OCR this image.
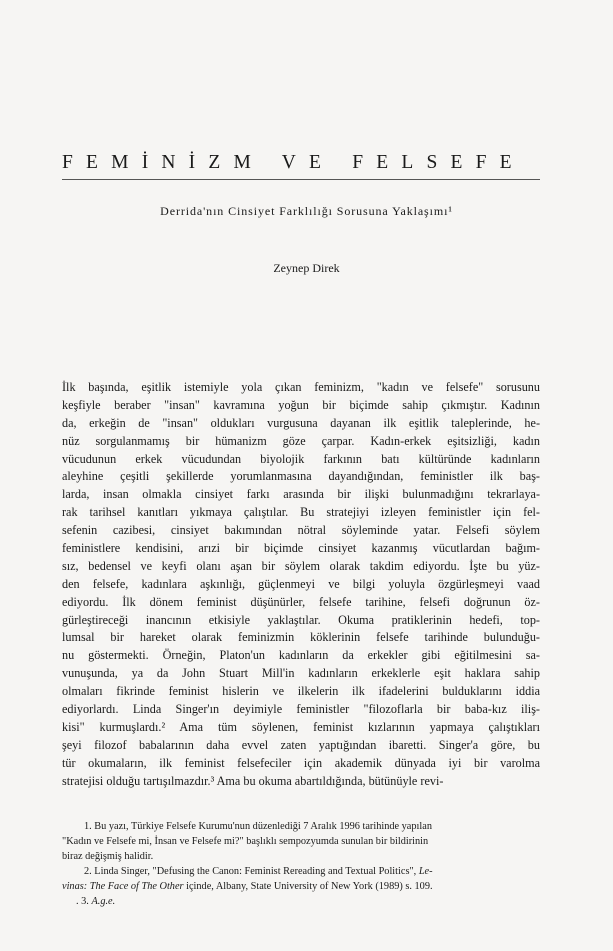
FEMİNİZM VE FELSEFE
Derrida'nın Cinsiyet Farklılığı Sorusuna Yaklaşımı¹
Zeynep Direk
İlk başında, eşitlik istemiyle yola çıkan feminizm, "kadın ve felsefe" sorusunu
keşfiyle beraber "insan" kavramına yoğun bir biçimde sahip çıkmıştır. Kadının
da, erkeğin de "insan" oldukları vurgusuna dayanan ilk eşitlik taleplerinde, he-
nüz sorgulanmamış bir hümanizm göze çarpar. Kadın-erkek eşitsizliği, kadın
vücudunun erkek vücudundan biyolojik farkının batı kültüründe kadınların
aleyhine çeşitli şekillerde yorumlanmasına dayandığından, feministler ilk baş-
larda, insan olmakla cinsiyet farkı arasında bir ilişki bulunmadığını tekrarlaya-
rak tarihsel kanıtları yıkmaya çalıştılar. Bu stratejiyi izleyen feministler için fel-
sefenin cazibesi, cinsiyet bakımından nötral söyleminde yatar. Felsefi söylem
feministlere kendisini, arızi bir biçimde cinsiyet kazanmış vücutlardan bağım-
sız, bedensel ve keyfi olanı aşan bir söylem olarak takdim ediyordu. İşte bu yüz-
den felsefe, kadınlara aşkınlığı, güçlenmeyi ve bilgi yoluyla özgürleşmeyi vaad
ediyordu. İlk dönem feminist düşünürler, felsefe tarihine, felsefi doğrunun öz-
gürleştireceği inancının etkisiyle yaklaştılar. Okuma pratiklerinin hedefi, top-
lumsal bir hareket olarak feminizmin köklerinin felsefe tarihinde bulunduğu-
nu göstermekti. Örneğin, Platon'un kadınların da erkekler gibi eğitilmesini sa-
vunuşunda, ya da John Stuart Mill'in kadınların erkeklerle eşit haklara sahip
olmaları fikrinde feminist hislerin ve ilkelerin ilk ifadelerini bulduklarını iddia
ediyorlardı. Linda Singer'ın deyimiyle feministler "filozoflarla bir baba-kız iliş-
kisi" kurmuşlardı.² Ama tüm söylenen, feminist kızlarının yapmaya çalıştıkları
şeyi filozof babalarının daha evvel zaten yaptığından ibaretti. Singer'a göre, bu
tür okumaların, ilk feminist felsefeciler için akademik dünyada iyi bir varolma
stratejisi olduğu tartışılmazdır.³ Ama bu okuma abartıldığında, bütünüyle revi-
1. Bu yazı, Türkiye Felsefe Kurumu'nun düzenlediği 7 Aralık 1996 tarihinde yapılan
"Kadın ve Felsefe mi, İnsan ve Felsefe mi?" başlıklı sempozyumda sunulan bir bildirinin
biraz değişmiş halidir.
2. Linda Singer, "Defusing the Canon: Feminist Rereading and Textual Politics", Le-
vinas: The Face of The Other içinde, Albany, State University of New York (1989) s. 109.
. 3. A.g.e.
